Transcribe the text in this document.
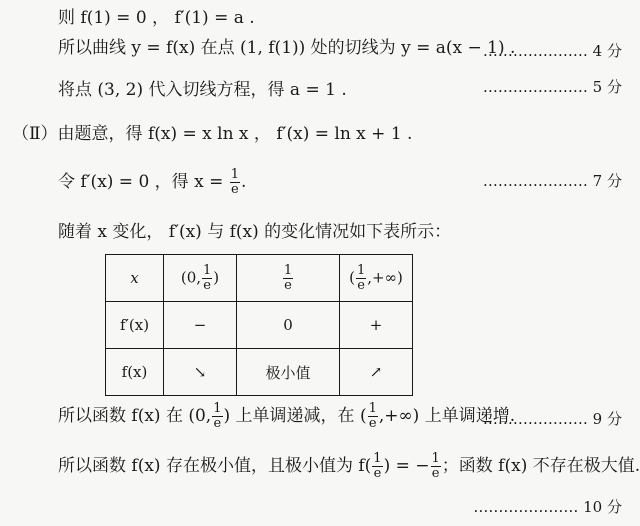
则 f(1) = 0 ， f′(1) = a .
所以曲线 y = f(x) 在点 (1, f(1)) 处的切线为 y = a(x − 1) .
………………… 4 分
将点 (3, 2) 代入切线方程，得 a = 1 .	………………… 5 分
（Ⅱ）由题意，得 f(x) = x ln x ， f′(x) = ln x + 1 .
令 f′(x) = 0 ，得 $x = \frac{1}{e}$ .	………………… 7 分
随着 x 变化， f′(x) 与 f(x) 的变化情况如下表所示：
x	(0, $\frac{1}{e}$ )	$\frac{1}{e}$	( $\frac{1}{e}$ ,+∞)
f′(x)	−	0	+
f(x)	↘	极小值	↗
所以函数 f(x) 在 (0, $\frac{1}{e}$ ) 上单调递减，在 ( $\frac{1}{e}$ ,+∞) 上单调递增.
………………… 9 分
所以函数 f(x) 存在极小值，且极小值为 $f( \frac{1}{e}$ ) = − $\frac{1}{e}$ ；函数 f(x) 不存在极大值.
………………… 10 分
